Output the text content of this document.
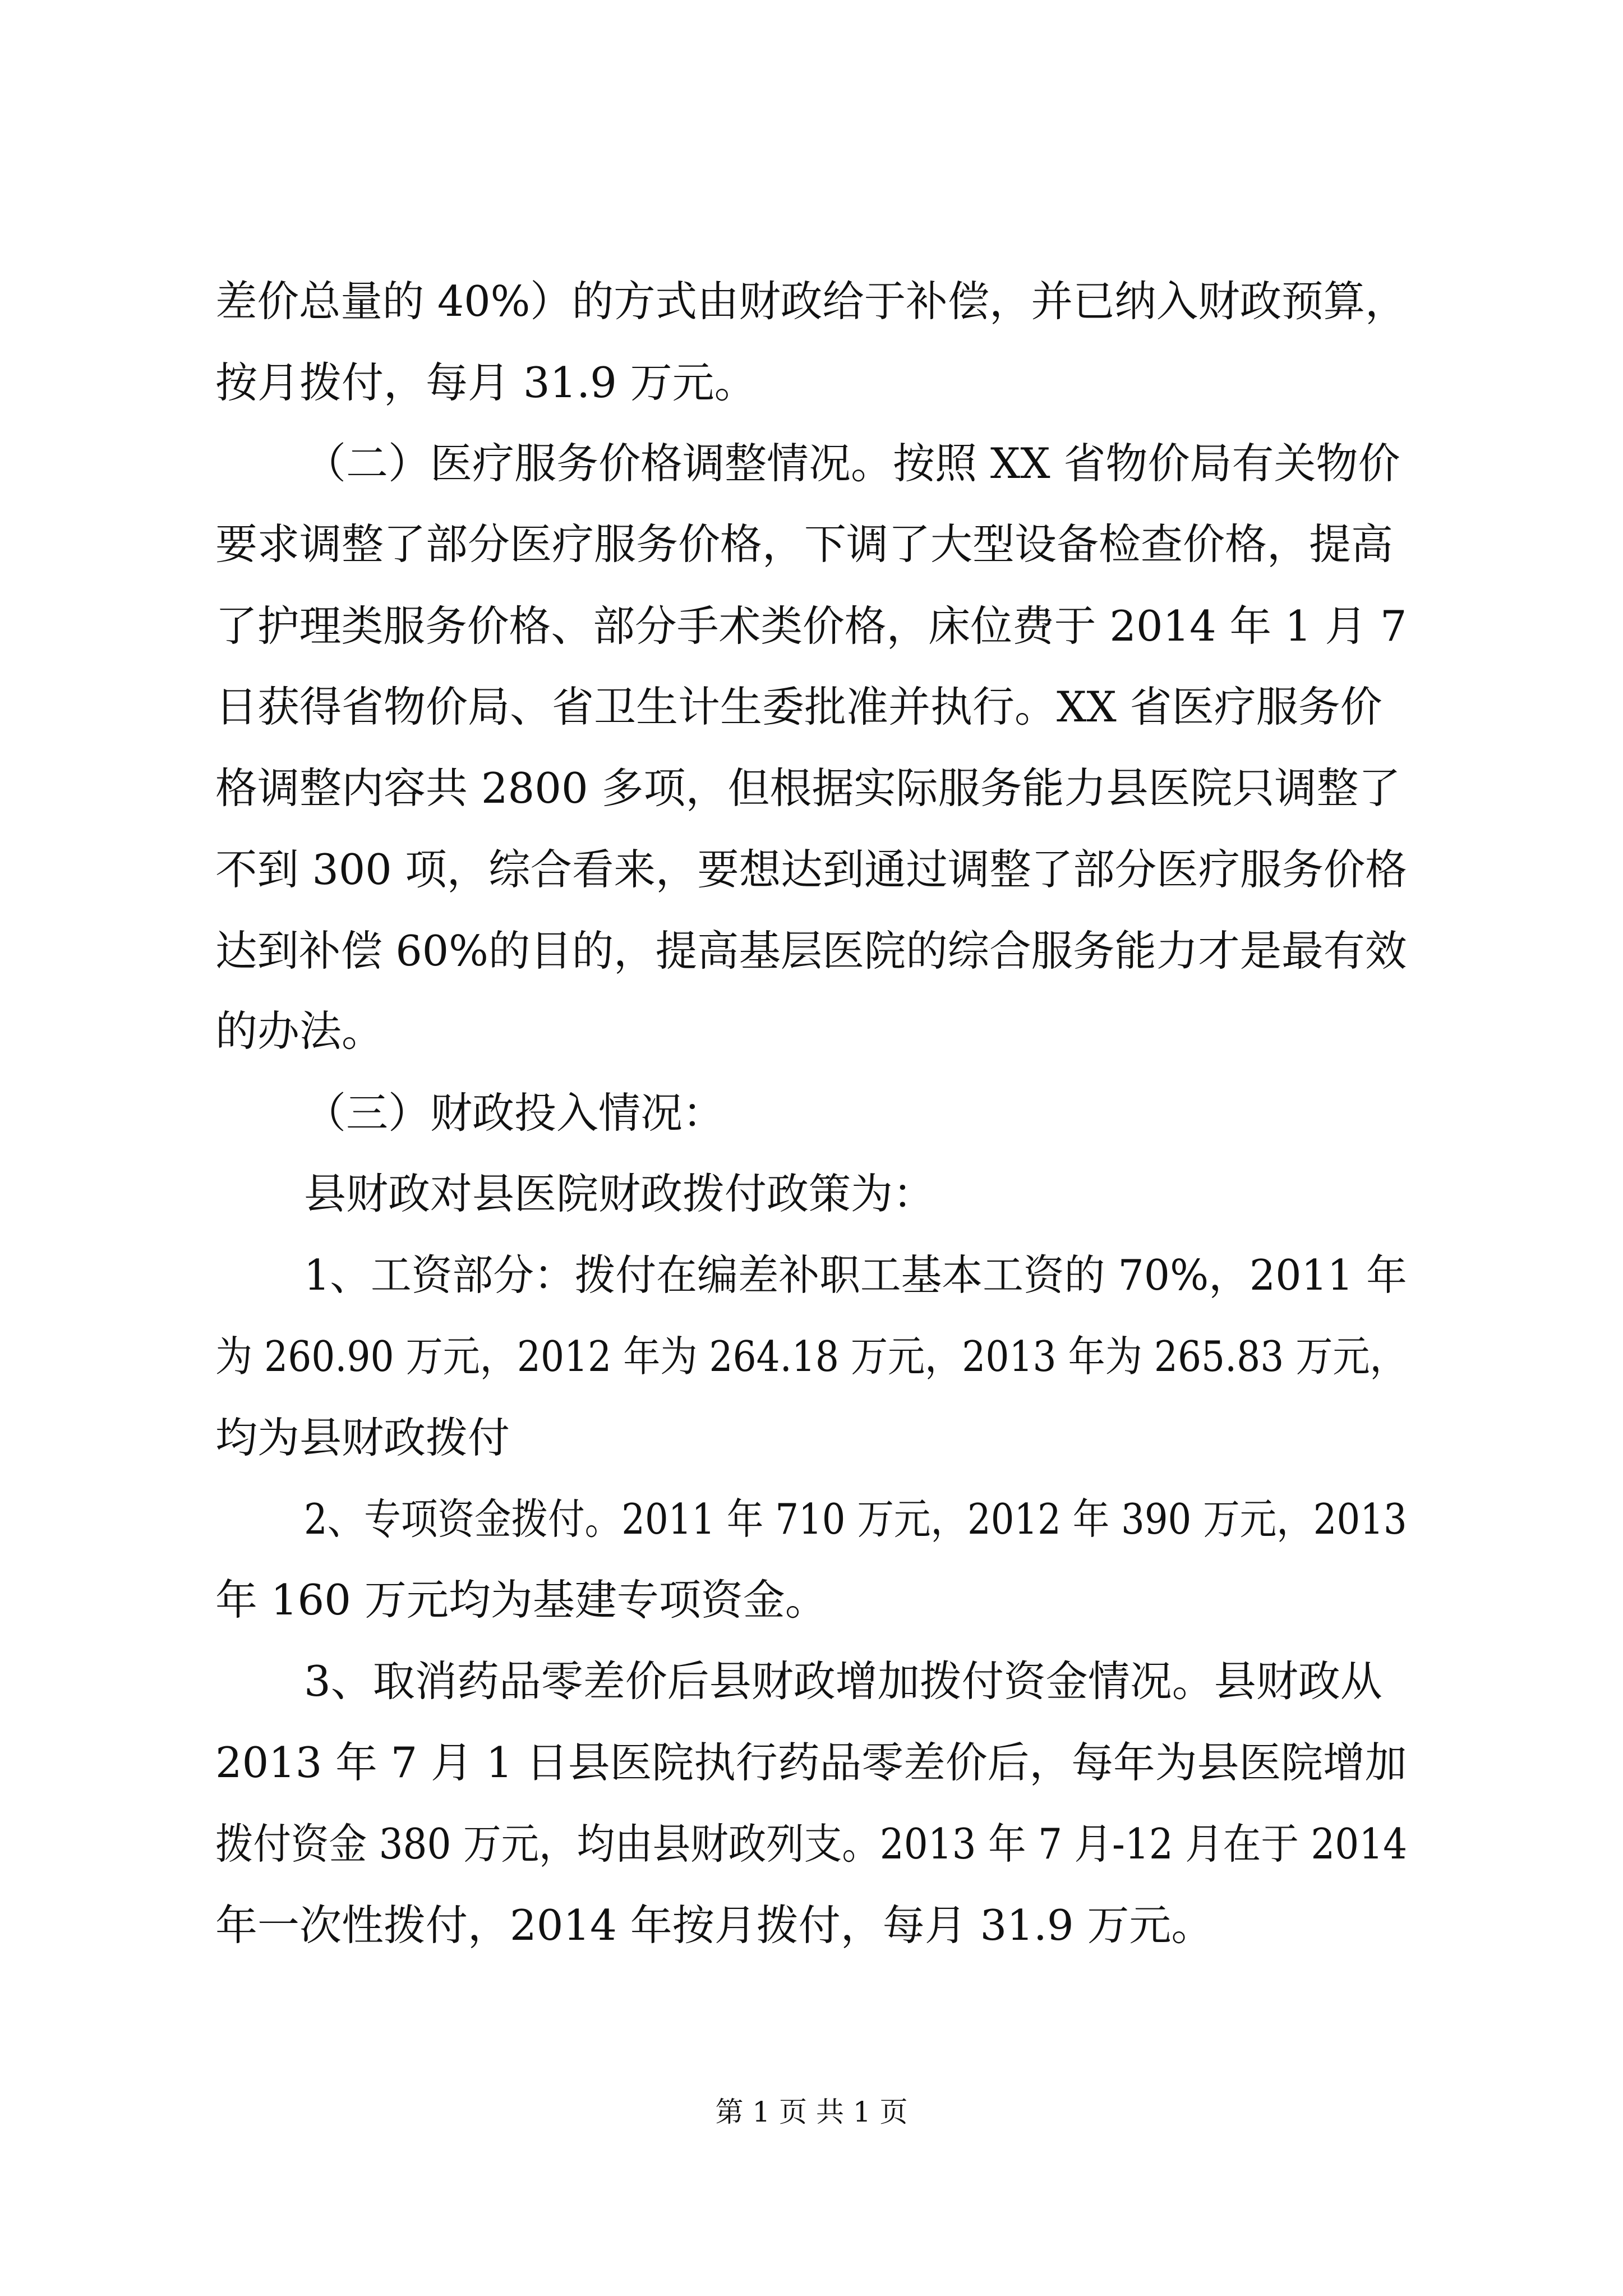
差价总量的 40%）的方式由财政给于补偿，并已纳入财政预算，
按月拨付，每月 31.9 万元。
（二）医疗服务价格调整情况。按照 XX 省物价局有关物价
要求调整了部分医疗服务价格，下调了大型设备检查价格，提高
了护理类服务价格、部分手术类价格，床位费于 2014 年 1 月 7
日获得省物价局、省卫生计生委批准并执行。XX 省医疗服务价
格调整内容共 2800 多项，但根据实际服务能力县医院只调整了
不到 300 项，综合看来，要想达到通过调整了部分医疗服务价格
达到补偿 60%的目的，提高基层医院的综合服务能力才是最有效
的办法。
（三）财政投入情况：
县财政对县医院财政拨付政策为：
1、工资部分：拨付在编差补职工基本工资的 70%，2011 年
为 260.90 万元，2012 年为 264.18 万元，2013 年为 265.83 万元，
均为县财政拨付
2、专项资金拨付。2011 年 710 万元，2012 年 390 万元，2013
年 160 万元均为基建专项资金。
3、取消药品零差价后县财政增加拨付资金情况。县财政从
2013 年 7 月 1 日县医院执行药品零差价后，每年为县医院增加
拨付资金 380 万元，均由县财政列支。2013 年 7 月-12 月在于 2014
年一次性拨付，2014 年按月拨付，每月 31.9 万元。
第 1 页 共 1 页
